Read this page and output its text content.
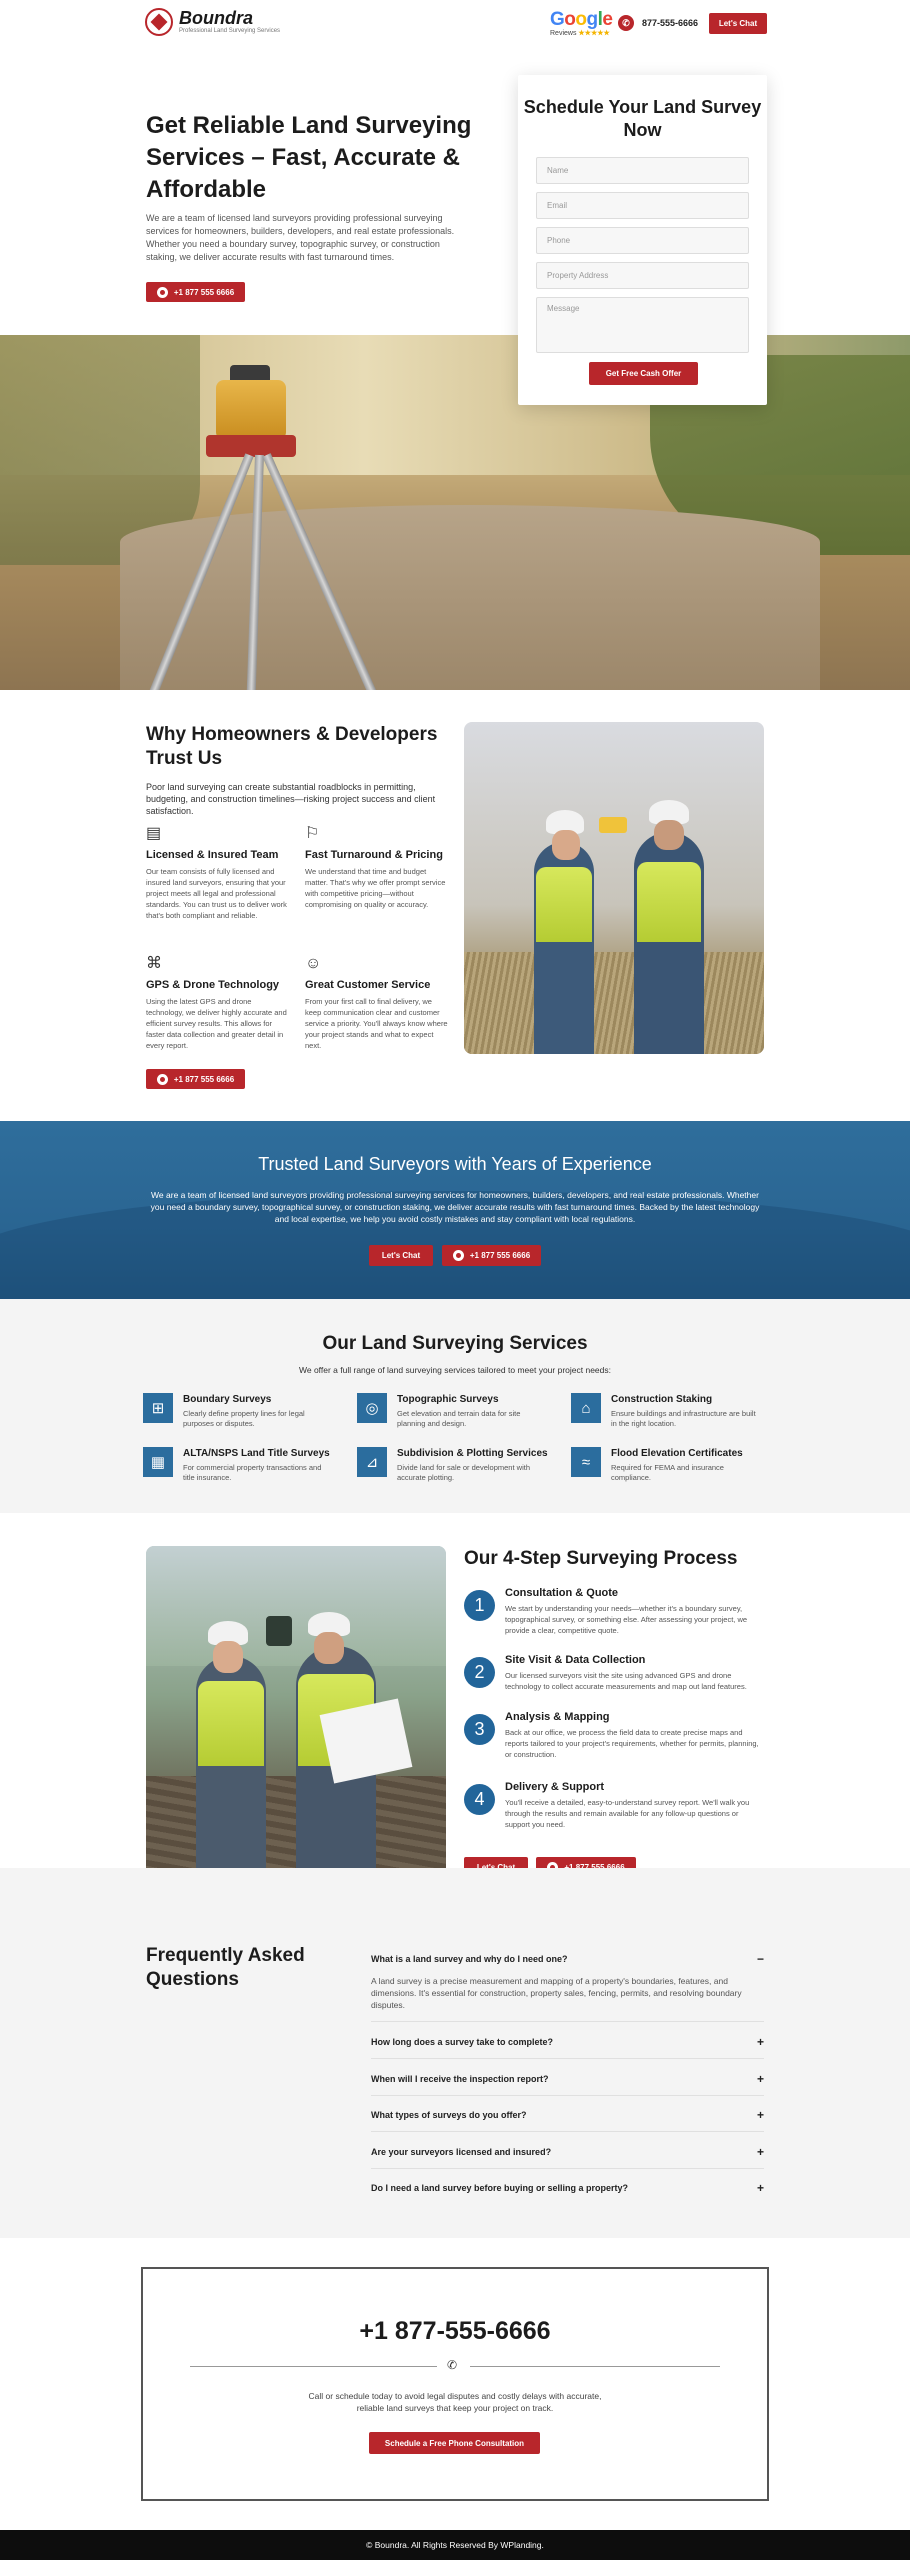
Boundra
Professional Land Surveying Services
Google
Reviews ★★★★★
✆	877-555-6666	Let's Chat
Get Reliable Land Surveying Services – Fast, Accurate & Affordable

We are a team of licensed land surveyors providing professional surveying services for homeowners, builders, developers, and real estate professionals. Whether you need a boundary survey, topographic survey, or construction staking, we deliver accurate results with fast turnaround times.

+1 877 555 6666
Schedule Your Land Survey Now
Name
Email
Phone
Property Address
Message
Get Free Cash Offer
Why Homeowners & Developers Trust Us

Poor land surveying can create substantial roadblocks in permitting, budgeting, and construction timelines—risking project success and client satisfaction.

▤
Licensed & Insured Team

Our team consists of fully licensed and insured land surveyors, ensuring that your project meets all legal and professional standards. You can trust us to deliver work that's both compliant and reliable.

⚐
Fast Turnaround & Pricing

We understand that time and budget matter. That's why we offer prompt service with competitive pricing—without compromising on quality or accuracy.

⌘
GPS & Drone Technology

Using the latest GPS and drone technology, we deliver highly accurate and efficient survey results. This allows for faster data collection and greater detail in every report.

☺
Great Customer Service

From your first call to final delivery, we keep communication clear and customer service a priority. You'll always know where your project stands and what to expect next.

+1 877 555 6666
Trusted Land Surveyors with Years of Experience

We are a team of licensed land surveyors providing professional surveying services for homeowners, builders, developers, and real estate professionals. Whether you need a boundary survey, topographical survey, or construction staking, we deliver accurate results with fast turnaround times. Backed by the latest technology and local expertise, we help you avoid costly mistakes and stay compliant with local regulations.

Let's Chat	+1 877 555 6666
Our Land Surveying Services

We offer a full range of land surveying services tailored to meet your project needs:

⊞
Boundary Surveys

Clearly define property lines for legal purposes or disputes.

◎
Topographic Surveys

Get elevation and terrain data for site planning and design.

⌂	Construction Staking

Ensure buildings and infrastructure are built in the right location.

▦
ALTA/NSPS Land Title Surveys

For commercial property transactions and title insurance.

⊿
Subdivision & Plotting Services

Divide land for sale or development with accurate plotting.

≈	Flood Elevation Certificates

Required for FEMA and insurance compliance.

Our 4-Step Surveying Process
1
Consultation & Quote

We start by understanding your needs—whether it's a boundary survey, topographical survey, or something else. After assessing your project, we provide a clear, competitive quote.

2
Site Visit & Data Collection

Our licensed surveyors visit the site using advanced GPS and drone technology to collect accurate measurements and map out land features.

3
Analysis & Mapping

Back at our office, we process the field data to create precise maps and reports tailored to your project's requirements, whether for permits, planning, or construction.

4
Delivery & Support

You'll receive a detailed, easy-to-understand survey report. We'll walk you through the results and remain available for any follow-up questions or support you need.

Frequently Asked Questions
What is a land survey and why do I need one?	−

A land survey is a precise measurement and mapping of a property's boundaries, features, and dimensions. It's essential for construction, property sales, fencing, permits, and resolving boundary disputes.

How long does a survey take to complete?	+
When will I receive the inspection report?	+
What types of surveys do you offer?	+
Are your surveyors licensed and insured?	+
Do I need a land survey before buying or selling a property?	+
+1 877-555-6666
✆

Call or schedule today to avoid legal disputes and costly delays with accurate, reliable land surveys that keep your project on track.

Schedule a Free Phone Consultation
© Boundra. All Rights Reserved By WPlanding.
